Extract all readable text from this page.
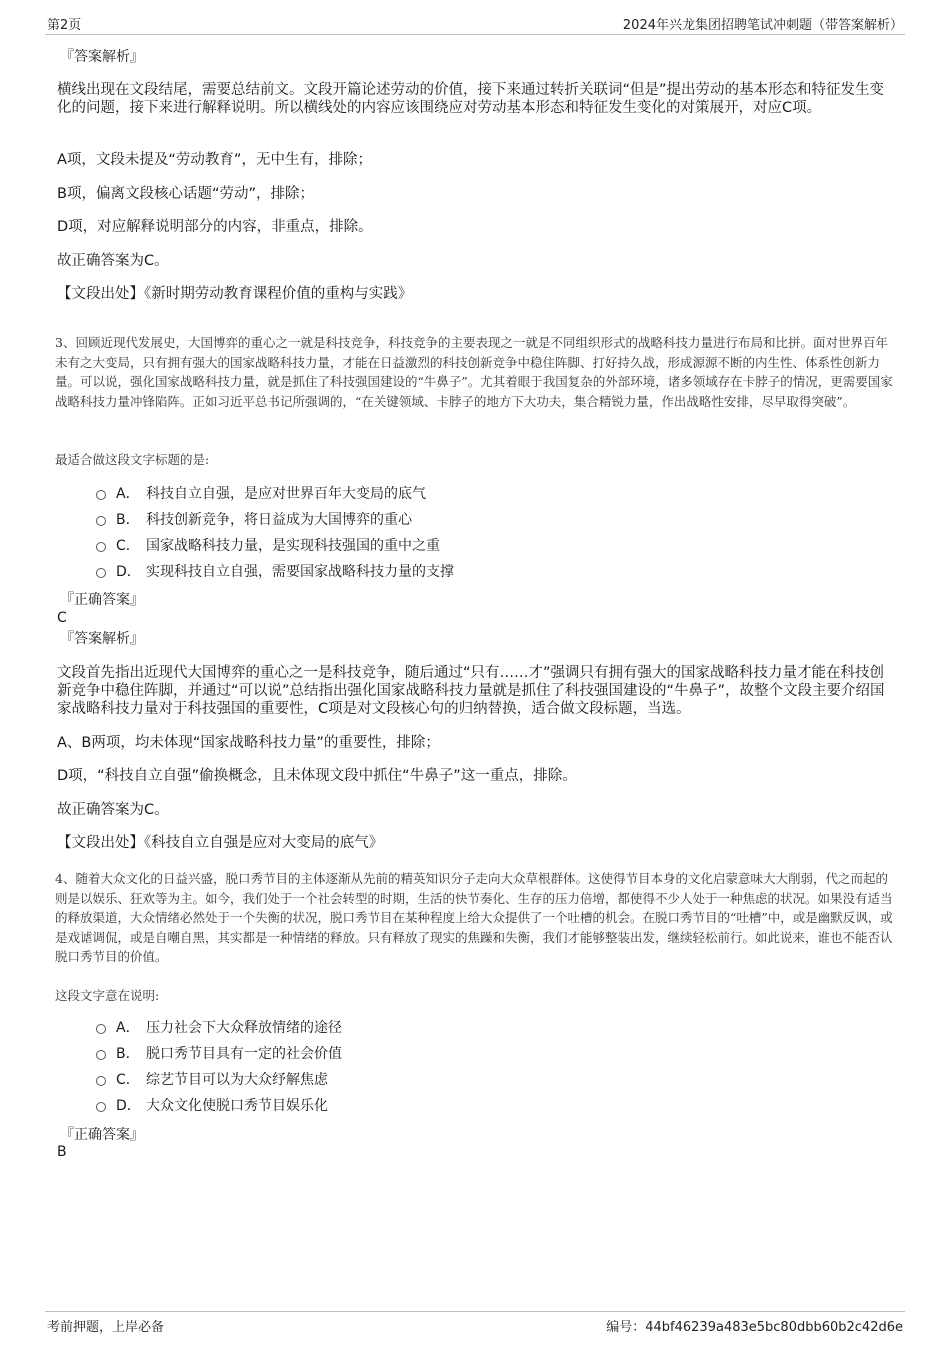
第2页	2024年兴龙集团招聘笔试冲刺题（带答案解析）
『答案解析』
横线出现在文段结尾，需要总结前文。文段开篇论述劳动的价值，接下来通过转折关联词“但是”提出劳动的基本形态和特征发生变化的问题，接下来进行解释说明。所以横线处的内容应该围绕应对劳动基本形态和特征发生变化的对策展开，对应C项。
A项，文段未提及“劳动教育”，无中生有，排除；
B项，偏离文段核心话题“劳动”，排除；
D项，对应解释说明部分的内容，非重点，排除。
故正确答案为C。
【文段出处】《新时期劳动教育课程价值的重构与实践》
3、回顾近现代发展史，大国博弈的重心之一就是科技竞争，科技竞争的主要表现之一就是不同组织形式的战略科技力量进行布局和比拼。面对世界百年未有之大变局，只有拥有强大的国家战略科技力量，才能在日益激烈的科技创新竞争中稳住阵脚、打好持久战，形成源源不断的内生性、体系性创新力量。可以说，强化国家战略科技力量，就是抓住了科技强国建设的“牛鼻子”。尤其着眼于我国复杂的外部环境，诸多领域存在卡脖子的情况，更需要国家战略科技力量冲锋陷阵。正如习近平总书记所强调的，“在关键领域、卡脖子的地方下大功夫，集合精锐力量，作出战略性安排，尽早取得突破”。
最适合做这段文字标题的是:
A． 科技自立自强，是应对世界百年大变局的底气
B． 科技创新竞争，将日益成为大国博弈的重心
C． 国家战略科技力量，是实现科技强国的重中之重
D． 实现科技自立自强，需要国家战略科技力量的支撑
『正确答案』
C
『答案解析』
文段首先指出近现代大国博弈的重心之一是科技竞争，随后通过“只有……才”强调只有拥有强大的国家战略科技力量才能在科技创新竞争中稳住阵脚，并通过“可以说”总结指出强化国家战略科技力量就是抓住了科技强国建设的“牛鼻子”，故整个文段主要介绍国家战略科技力量对于科技强国的重要性，C项是对文段核心句的归纳替换，适合做文段标题，当选。
A、B两项，均未体现“国家战略科技力量”的重要性，排除；
D项，“科技自立自强”偷换概念，且未体现文段中抓住“牛鼻子”这一重点，排除。
故正确答案为C。
【文段出处】《科技自立自强是应对大变局的底气》
4、随着大众文化的日益兴盛，脱口秀节目的主体逐渐从先前的精英知识分子走向大众草根群体。这使得节目本身的文化启蒙意味大大削弱，代之而起的则是以娱乐、狂欢等为主。如今，我们处于一个社会转型的时期，生活的快节奏化、生存的压力倍增，都使得不少人处于一种焦虑的状况。如果没有适当的释放渠道，大众情绪必然处于一个失衡的状况，脱口秀节目在某种程度上给大众提供了一个吐槽的机会。在脱口秀节目的“吐槽”中，或是幽默反讽，或是戏谑调侃，或是自嘲自黑，其实都是一种情绪的释放。只有释放了现实的焦躁和失衡，我们才能够整装出发，继续轻松前行。如此说来，谁也不能否认脱口秀节目的价值。
这段文字意在说明:
A． 压力社会下大众释放情绪的途径
B． 脱口秀节目具有一定的社会价值
C． 综艺节目可以为大众纾解焦虑
D． 大众文化使脱口秀节目娱乐化
『正确答案』
B
考前押题，上岸必备	编号：44bf46239a483e5bc80dbb60b2c42d6e
